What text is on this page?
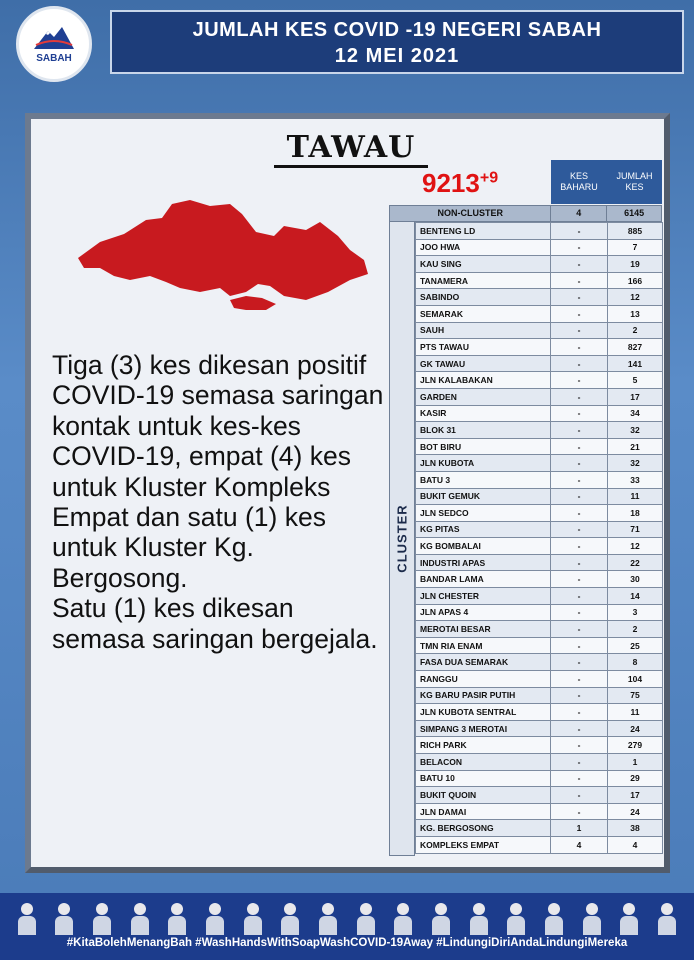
SABAH
JUMLAH KES COVID -19 NEGERI SABAH
12 MEI 2021
TAWAU
$9213^{+9}$
Tiga (3) kes dikesan positif COVID-19 semasa saringan kontak untuk kes-kes COVID-19, empat (4) kes untuk Kluster Kompleks Empat dan satu (1) kes untuk Kluster Kg. Bergosong.
Satu (1) kes dikesan semasa saringan bergejala.
KES BAHARU
JUMLAH KES
NON-CLUSTER	4	6145
CLUSTER
BENTENG LD	-	885
JOO HWA	-	7
KAU SING	-	19
TANAMERA	-	166
SABINDO	-	12
SEMARAK	-	13
SAUH	-	2
PTS TAWAU	-	827
GK TAWAU	-	141
JLN KALABAKAN	-	5
GARDEN	-	17
KASIR	-	34
BLOK 31	-	32
BOT BIRU	-	21
JLN KUBOTA	-	32
BATU 3	-	33
BUKIT GEMUK	-	11
JLN SEDCO	-	18
KG PITAS	-	71
KG BOMBALAI	-	12
INDUSTRI APAS	-	22
BANDAR LAMA	-	30
JLN CHESTER	-	14
JLN APAS 4	-	3
MEROTAI BESAR	-	2
TMN RIA ENAM	-	25
FASA DUA SEMARAK	-	8
RANGGU	-	104
KG BARU PASIR PUTIH	-	75
JLN KUBOTA SENTRAL	-	11
SIMPANG 3 MEROTAI	-	24
RICH PARK	-	279
BELACON	-	1
BATU 10	-	29
BUKIT QUOIN	-	17
JLN DAMAI	-	24
KG. BERGOSONG	1	38
KOMPLEKS EMPAT	4	4
#KitaBolehMenangBah #WashHandsWithSoapWashCOVID-19Away #LindungiDiriAndaLindungiMereka
